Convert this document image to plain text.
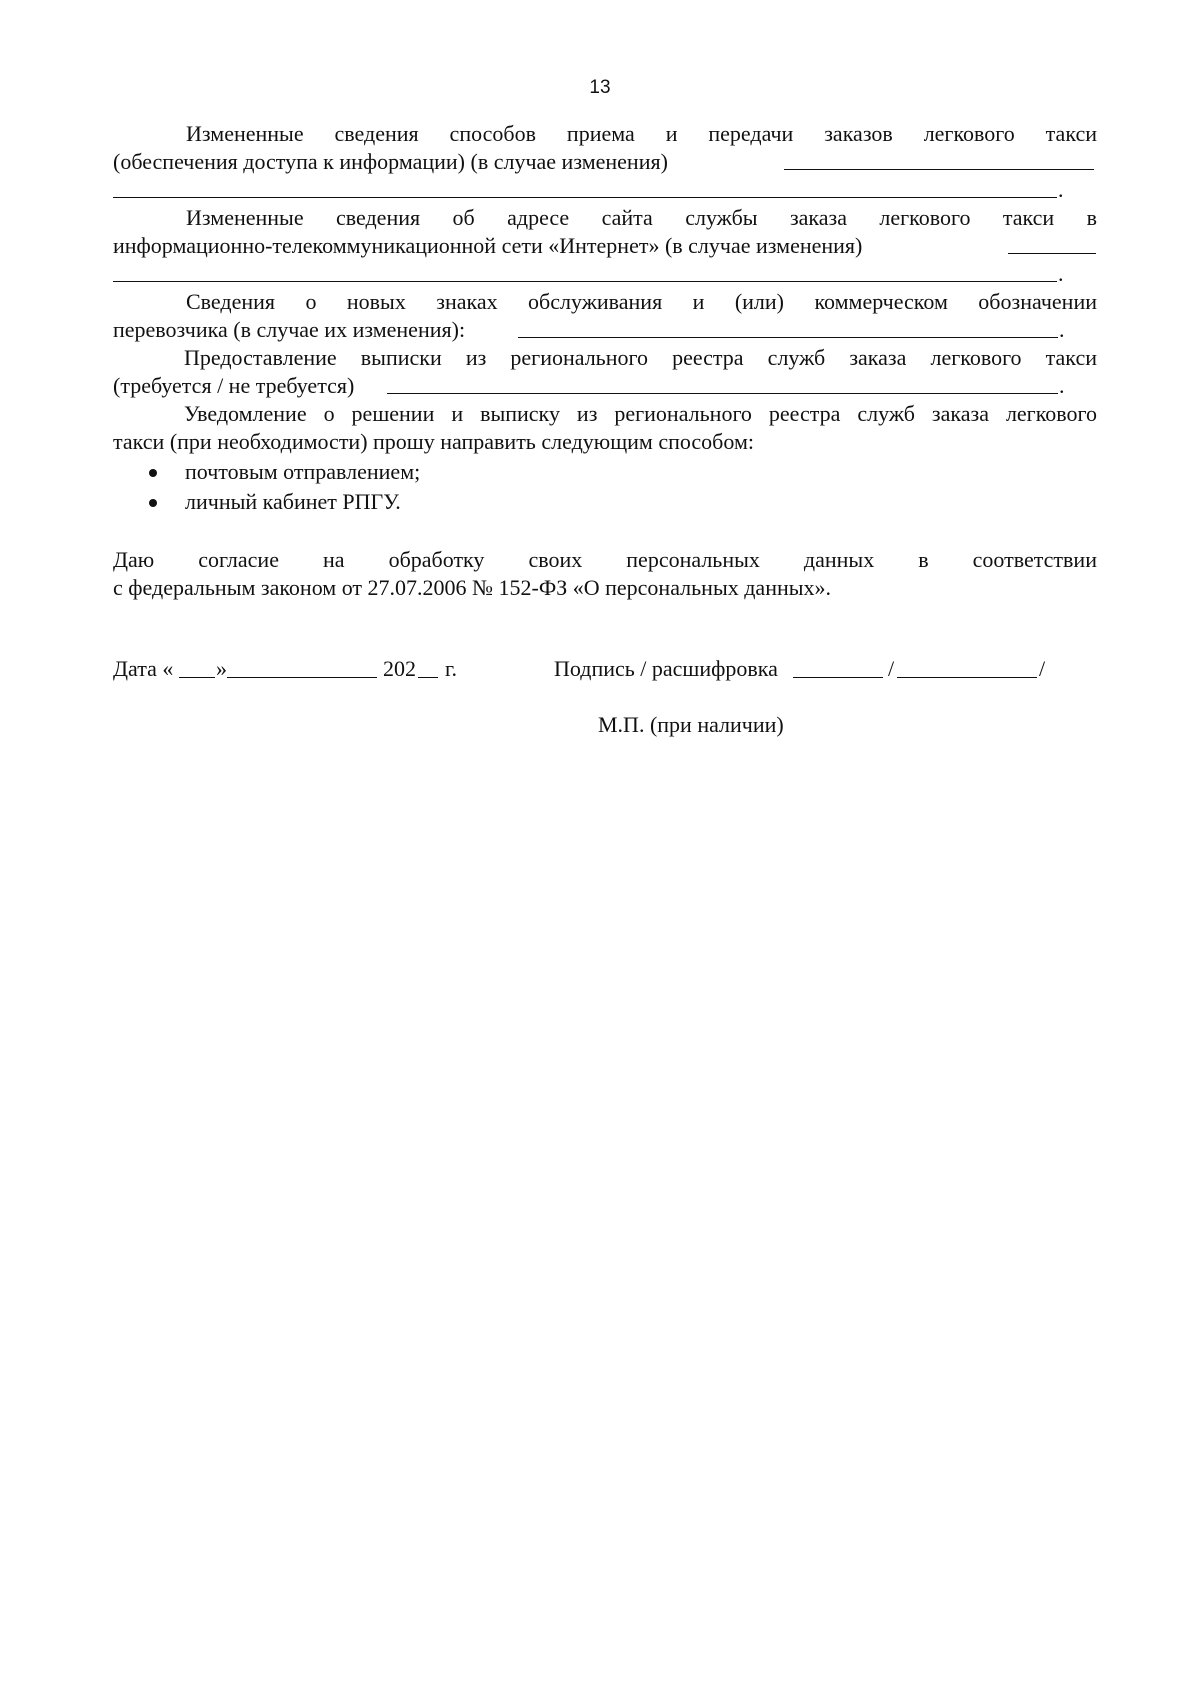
13
Измененные сведения способов приема и передачи заказов легкового такси
(обеспечения доступа к информации) (в случае изменения)
.
Измененные сведения об адресе сайта службы заказа легкового такси в
информационно-телекоммуникационной сети «Интернет» (в случае изменения)
.
Сведения о новых знаках обслуживания и (или) коммерческом обозначении
перевозчика (в случае их изменения):	.
Предоставление выписки из регионального реестра служб заказа легкового такси
(требуется / не требуется)	.
Уведомление о решении и выписку из регионального реестра служб заказа легкового
такси (при необходимости) прошу направить следующим способом:
почтовым отправлением;
личный кабинет РПГУ.
Даю согласие на обработку своих персональных данных в соответствии
с федеральным законом от 27.07.2006 № 152-ФЗ «О персональных данных».
Дата « »	202 г.	Подпись / расшифровка	/	/
М.П. (при наличии)
